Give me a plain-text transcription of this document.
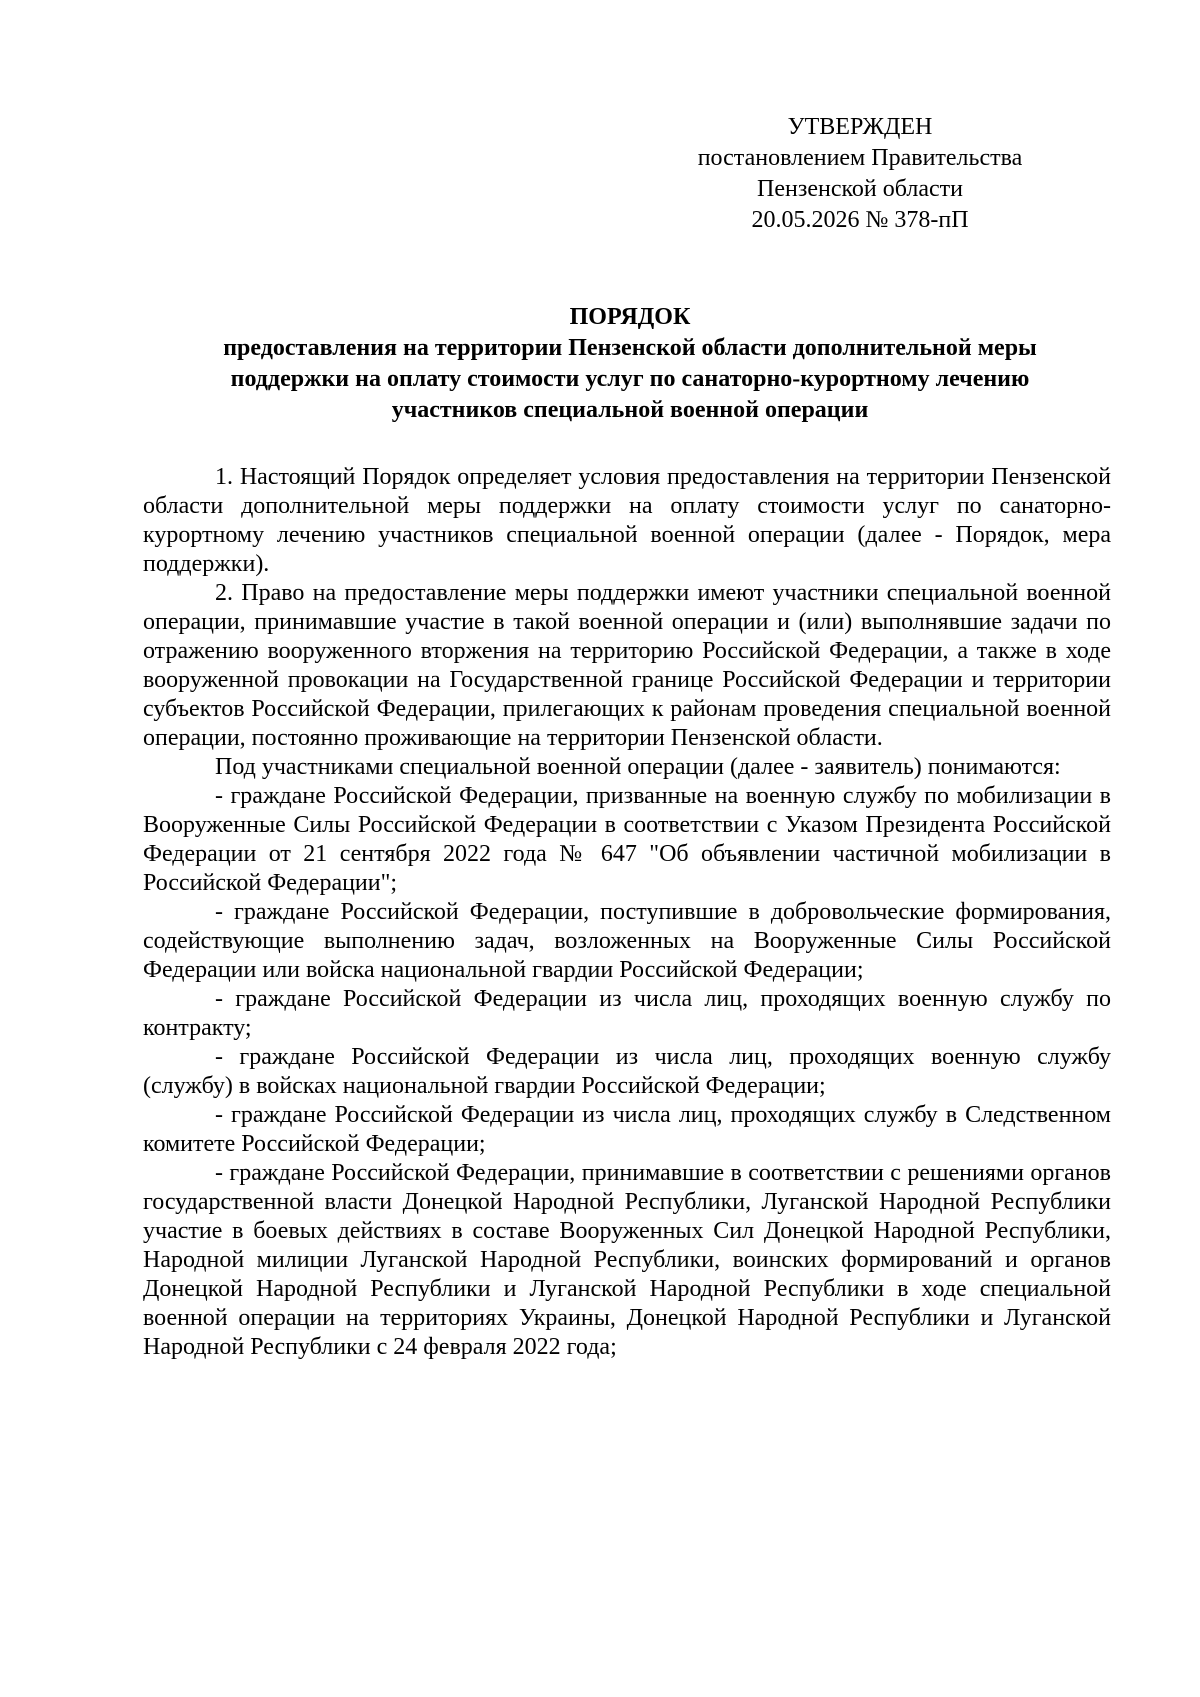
УТВЕРЖДЕН
постановлением Правительства
Пензенской области
20.05.2026 № 378-пП
ПОРЯДОК
предоставления на территории Пензенской области дополнительной меры
поддержки на оплату стоимости услуг по санаторно-курортному лечению
участников специальной военной операции

1. Настоящий Порядок определяет условия предоставления на территории Пензенской области дополнительной меры поддержки на оплату стоимости услуг по санаторно-курортному лечению участников специальной военной операции (далее - Порядок, мера поддержки).

2. Право на предоставление меры поддержки имеют участники специальной военной операции, принимавшие участие в такой военной операции и (или) выполнявшие задачи по отражению вооруженного вторжения на территорию Российской Федерации, а также в ходе вооруженной провокации на Государственной границе Российской Федерации и территории субъектов Российской Федерации, прилегающих к районам проведения специальной военной операции, постоянно проживающие на территории Пензенской области.

Под участниками специальной военной операции (далее - заявитель) понимаются:

- граждане Российской Федерации, призванные на военную службу по мобилизации в Вооруженные Силы Российской Федерации в соответствии с Указом Президента Российской Федерации от 21 сентября 2022 года № 647 "Об объявлении частичной мобилизации в Российской Федерации";

- граждане Российской Федерации, поступившие в добровольческие формирования, содействующие выполнению задач, возложенных на Вооруженные Силы Российской Федерации или войска национальной гвардии Российской Федерации;

- граждане Российской Федерации из числа лиц, проходящих военную службу по контракту;

- граждане Российской Федерации из числа лиц, проходящих военную службу (службу) в войсках национальной гвардии Российской Федерации;

- граждане Российской Федерации из числа лиц, проходящих службу в Следственном комитете Российской Федерации;

- граждане Российской Федерации, принимавшие в соответствии с решениями органов государственной власти Донецкой Народной Республики, Луганской Народной Республики участие в боевых действиях в составе Вооруженных Сил Донецкой Народной Республики, Народной милиции Луганской Народной Республики, воинских формирований и органов Донецкой Народной Республики и Луганской Народной Республики в ходе специальной военной операции на территориях Украины, Донецкой Народной Республики и Луганской Народной Республики с 24 февраля 2022 года;
